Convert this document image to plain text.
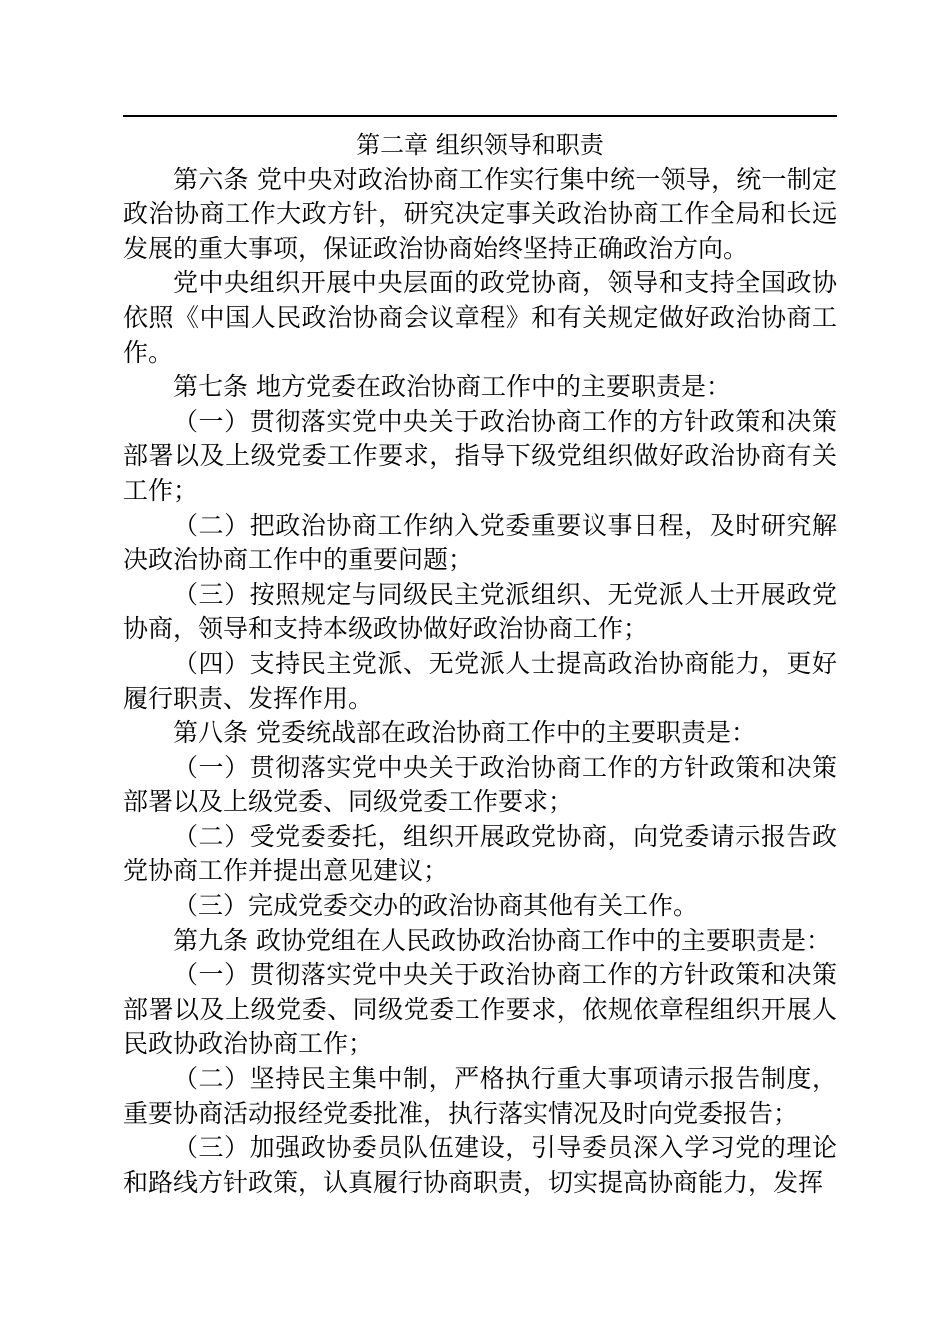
第二章 组织领导和职责

第六条 党中央对政治协商工作实行集中统一领导，统一制定政治协商工作大政方针，研究决定事关政治协商工作全局和长远发展的重大事项，保证政治协商始终坚持正确政治方向。

党中央组织开展中央层面的政党协商，领导和支持全国政协依照《中国人民政治协商会议章程》和有关规定做好政治协商工作。

第七条 地方党委在政治协商工作中的主要职责是：

（一）贯彻落实党中央关于政治协商工作的方针政策和决策部署以及上级党委工作要求，指导下级党组织做好政治协商有关工作；

（二）把政治协商工作纳入党委重要议事日程，及时研究解决政治协商工作中的重要问题；

（三）按照规定与同级民主党派组织、无党派人士开展政党协商，领导和支持本级政协做好政治协商工作；

（四）支持民主党派、无党派人士提高政治协商能力，更好履行职责、发挥作用。

第八条 党委统战部在政治协商工作中的主要职责是：

（一）贯彻落实党中央关于政治协商工作的方针政策和决策部署以及上级党委、同级党委工作要求；

（二）受党委委托，组织开展政党协商，向党委请示报告政党协商工作并提出意见建议；

（三）完成党委交办的政治协商其他有关工作。

第九条 政协党组在人民政协政治协商工作中的主要职责是：

（一）贯彻落实党中央关于政治协商工作的方针政策和决策部署以及上级党委、同级党委工作要求，依规依章程组织开展人民政协政治协商工作；

（二）坚持民主集中制，严格执行重大事项请示报告制度，重要协商活动报经党委批准，执行落实情况及时向党委报告；

（三）加强政协委员队伍建设，引导委员深入学习党的理论和路线方针政策，认真履行协商职责，切实提高协商能力，发挥
